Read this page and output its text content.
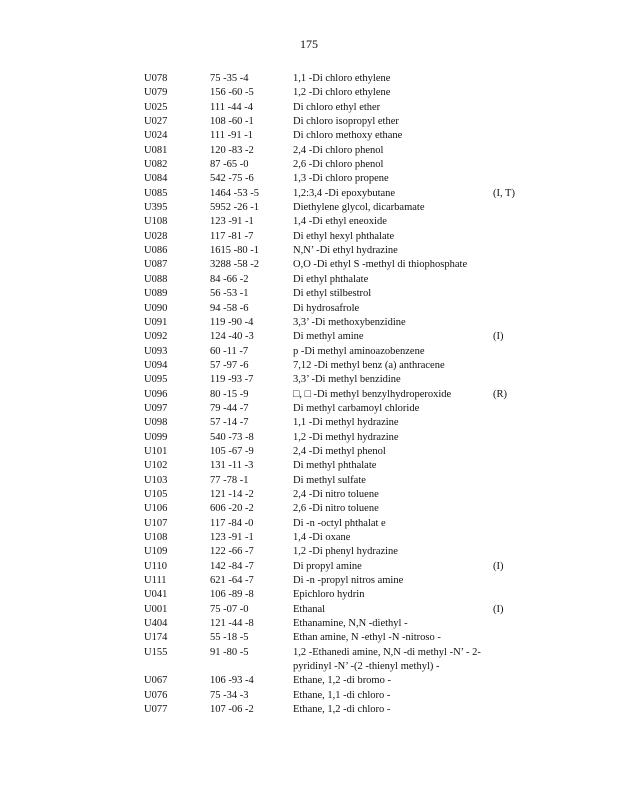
175
U078	75 -35 -4	1,1 -Di chloro ethylene
U079	156 -60 -5	1,2 -Di chloro ethylene
U025	111 -44 -4	Di chloro ethyl ether
U027	108 -60 -1	Di chloro isopropyl ether
U024	111 -91 -1	Di chloro methoxy ethane
U081	120 -83 -2	2,4 -Di chloro phenol
U082	87 -65 -0	2,6 -Di chloro phenol
U084	542 -75 -6	1,3 -Di chloro propene
U085	1464 -53 -5	1,2:3,4 -Di epoxybutane	(I, T)
U395	5952 -26 -1	Diethylene glycol, dicarbamate
U108	123 -91 -1	1,4 -Di ethyl eneoxide
U028	117 -81 -7	Di ethyl hexyl phthalate
U086	1615 -80 -1	N,N’ -Di ethyl hydrazine
U087	3288 -58 -2	O,O -Di ethyl S -methyl di thiophosphate
U088	84 -66 -2	Di ethyl phthalate
U089	56 -53 -1	Di ethyl stilbestrol
U090	94 -58 -6	Di hydrosafrole
U091	119 -90 -4	3,3’ -Di methoxybenzidine
U092	124 -40 -3	Di methyl amine	(I)
U093	60 -11 -7	p -Di methyl aminoazobenzene
U094	57 -97 -6	7,12 -Di methyl benz (a) anthracene
U095	119 -93 -7	3,3’ -Di methyl benzidine
U096	80 -15 -9	□, □ -Di methyl benzylhydroperoxide	(R)
U097	79 -44 -7	Di methyl carbamoyl chloride
U098	57 -14 -7	1,1 -Di methyl hydrazine
U099	540 -73 -8	1,2 -Di methyl hydrazine
U101	105 -67 -9	2,4 -Di methyl phenol
U102	131 -11 -3	Di methyl phthalate
U103	77 -78 -1	Di methyl sulfate
U105	121 -14 -2	2,4 -Di nitro toluene
U106	606 -20 -2	2,6 -Di nitro toluene
U107	117 -84 -0	Di -n -octyl phthalat e
U108	123 -91 -1	1,4 -Di oxane
U109	122 -66 -7	1,2 -Di phenyl hydrazine
U110	142 -84 -7	Di propyl amine	(I)
U111	621 -64 -7	Di -n -propyl nitros amine
U041	106 -89 -8	Epichloro hydrin
U001	75 -07 -0	Ethanal	(I)
U404	121 -44 -8	Ethanamine, N,N -diethyl -
U174	55 -18 -5	Ethan amine, N -ethyl -N -nitroso -
U155	91 -80 -5	1,2 -Ethanedi amine, N,N -di methyl -N’ - 2-pyridinyl -N’ -(2 -thienyl methyl) -
U067	106 -93 -4	Ethane, 1,2 -di bromo -
U076	75 -34 -3	Ethane, 1,1 -di chloro -
U077	107 -06 -2	Ethane, 1,2 -di chloro -
